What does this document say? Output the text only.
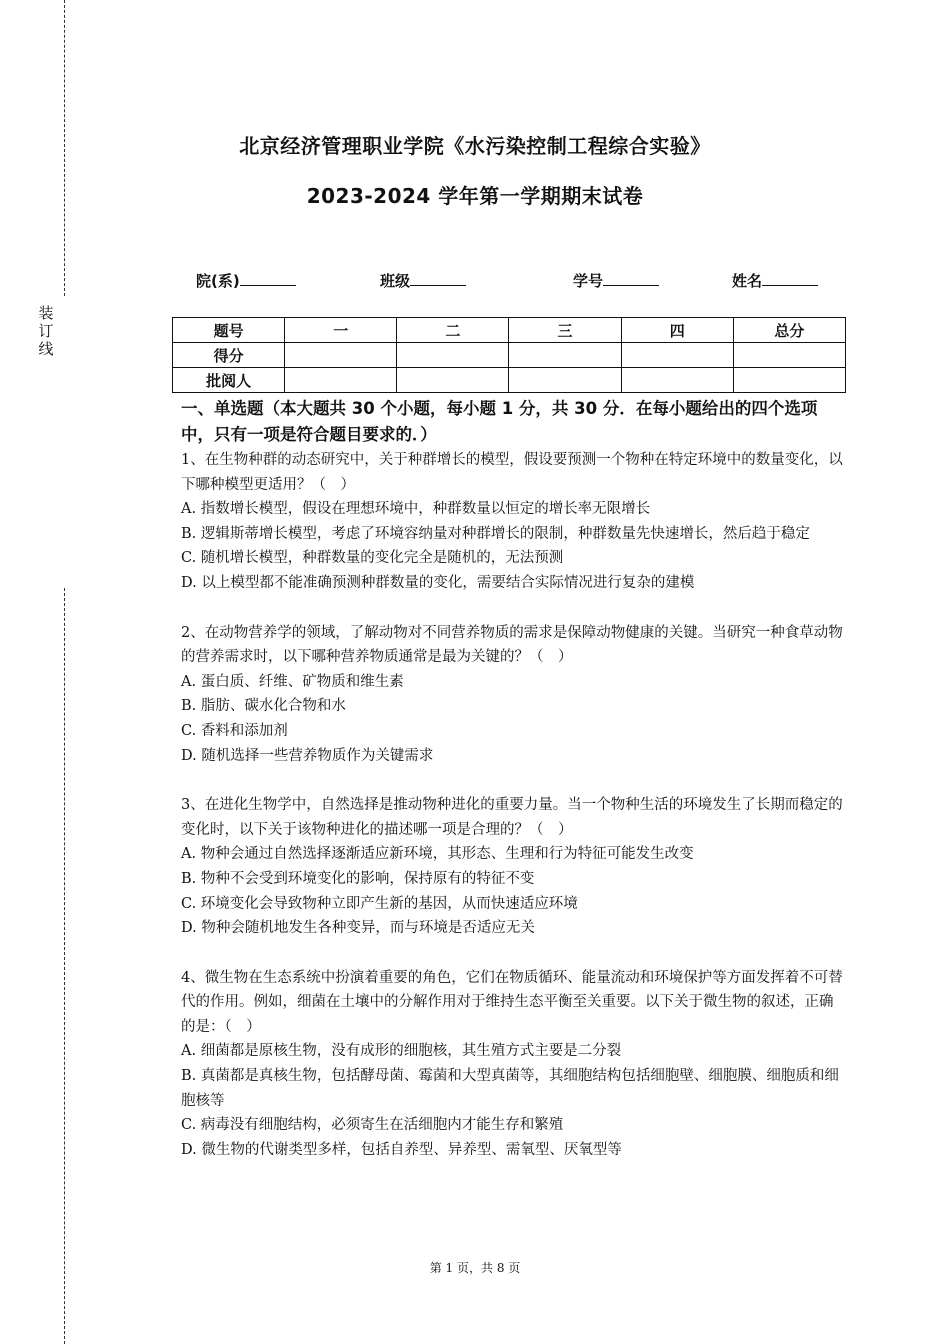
装
订
线
北京经济管理职业学院《水污染控制工程综合实验》
2023-2024 学年第一学期期末试卷
院(系)	班级	学号	姓名
题号	一	二	三	四	总分
得分					
批阅人					
一、单选题（本大题共 30 个小题，每小题 1 分，共 30 分．在每小题给出的四个选项中，只有一项是符合题目要求的．）
1、在生物种群的动态研究中，关于种群增长的模型，假设要预测一个物种在特定环境中的数量变化，以下哪种模型更适用？（　）
A. 指数增长模型，假设在理想环境中，种群数量以恒定的增长率无限增长
B. 逻辑斯蒂增长模型，考虑了环境容纳量对种群增长的限制，种群数量先快速增长，然后趋于稳定
C. 随机增长模型，种群数量的变化完全是随机的，无法预测
D. 以上模型都不能准确预测种群数量的变化，需要结合实际情况进行复杂的建模
2、在动物营养学的领域，了解动物对不同营养物质的需求是保障动物健康的关键。当研究一种食草动物的营养需求时，以下哪种营养物质通常是最为关键的？（　）
A. 蛋白质、纤维、矿物质和维生素
B. 脂肪、碳水化合物和水
C. 香料和添加剂
D. 随机选择一些营养物质作为关键需求
3、在进化生物学中，自然选择是推动物种进化的重要力量。当一个物种生活的环境发生了长期而稳定的变化时，以下关于该物种进化的描述哪一项是合理的？（　）
A. 物种会通过自然选择逐渐适应新环境，其形态、生理和行为特征可能发生改变
B. 物种不会受到环境变化的影响，保持原有的特征不变
C. 环境变化会导致物种立即产生新的基因，从而快速适应环境
D. 物种会随机地发生各种变异，而与环境是否适应无关
4、微生物在生态系统中扮演着重要的角色，它们在物质循环、能量流动和环境保护等方面发挥着不可替代的作用。例如，细菌在土壤中的分解作用对于维持生态平衡至关重要。以下关于微生物的叙述，正确的是：（　）
A. 细菌都是原核生物，没有成形的细胞核，其生殖方式主要是二分裂
B. 真菌都是真核生物，包括酵母菌、霉菌和大型真菌等，其细胞结构包括细胞壁、细胞膜、细胞质和细胞核等
C. 病毒没有细胞结构，必须寄生在活细胞内才能生存和繁殖
D. 微生物的代谢类型多样，包括自养型、异养型、需氧型、厌氧型等
第 1 页，共 8 页
